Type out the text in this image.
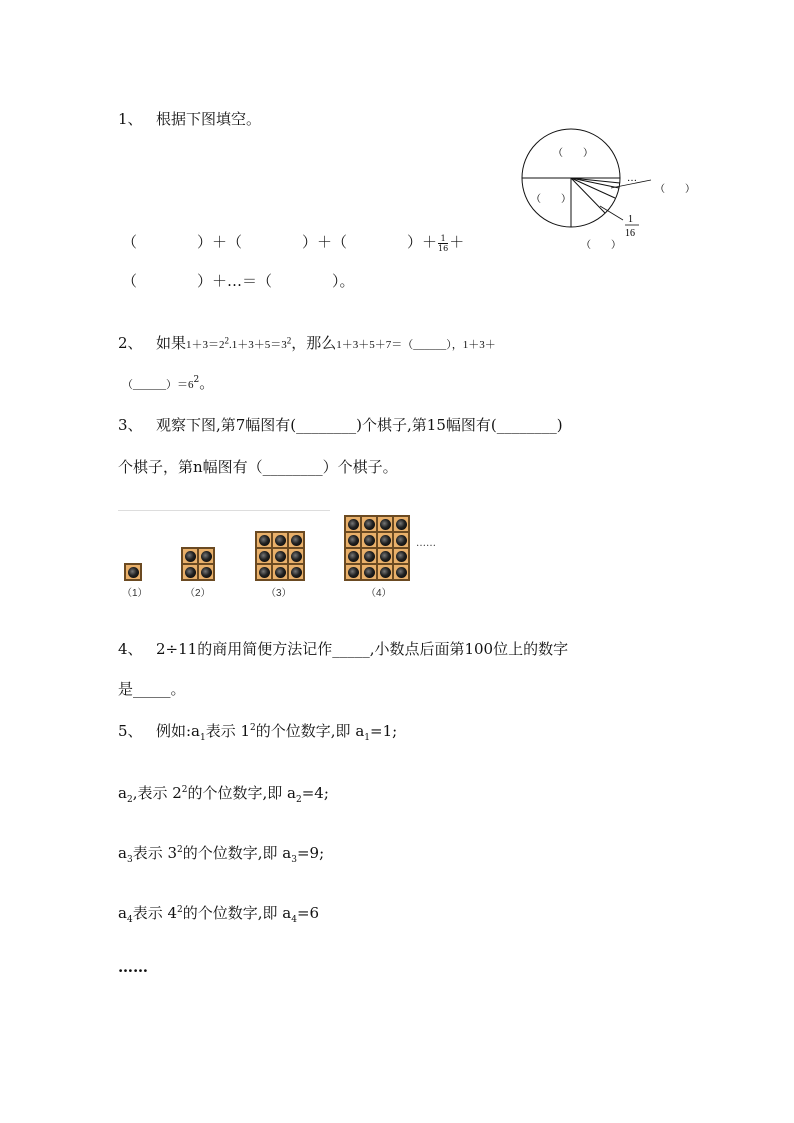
1、 根据下图填空。
（　　）
（　　）
（　　）
（　　）
…
1
16
（　　　　）＋（　　　　）＋（　　　　）＋ $\frac{1}{16}$ ＋
（　　　　）＋…＝（　　　　）。
2、 如果$1+3=2^2.1+3+5=3^2$，那么1＋3＋5＋7＝（______），1＋3＋
$(\_\_\_\_\_\_)=6^2$。
3、 观察下图,第7幅图有(________)个棋子,第15幅图有(________)
个棋子，第n幅图有（________）个棋子。
……
（1）	（2）	（3）	（4）
4、 2÷11的商用简便方法记作_____,小数点后面第100位上的数字
是_____。
5、 例如$:a_1$表示 $1^2$的个位数字,即 $a_1=1$;
$a_2$,表示 $2^2$的个位数字,即 $a_2=4$;
$a_3$表示 $3^2$的个位数字,即 $a_3=9$;
$a_4$表示 $4^2$的个位数字,即 $a_4=6$
……
